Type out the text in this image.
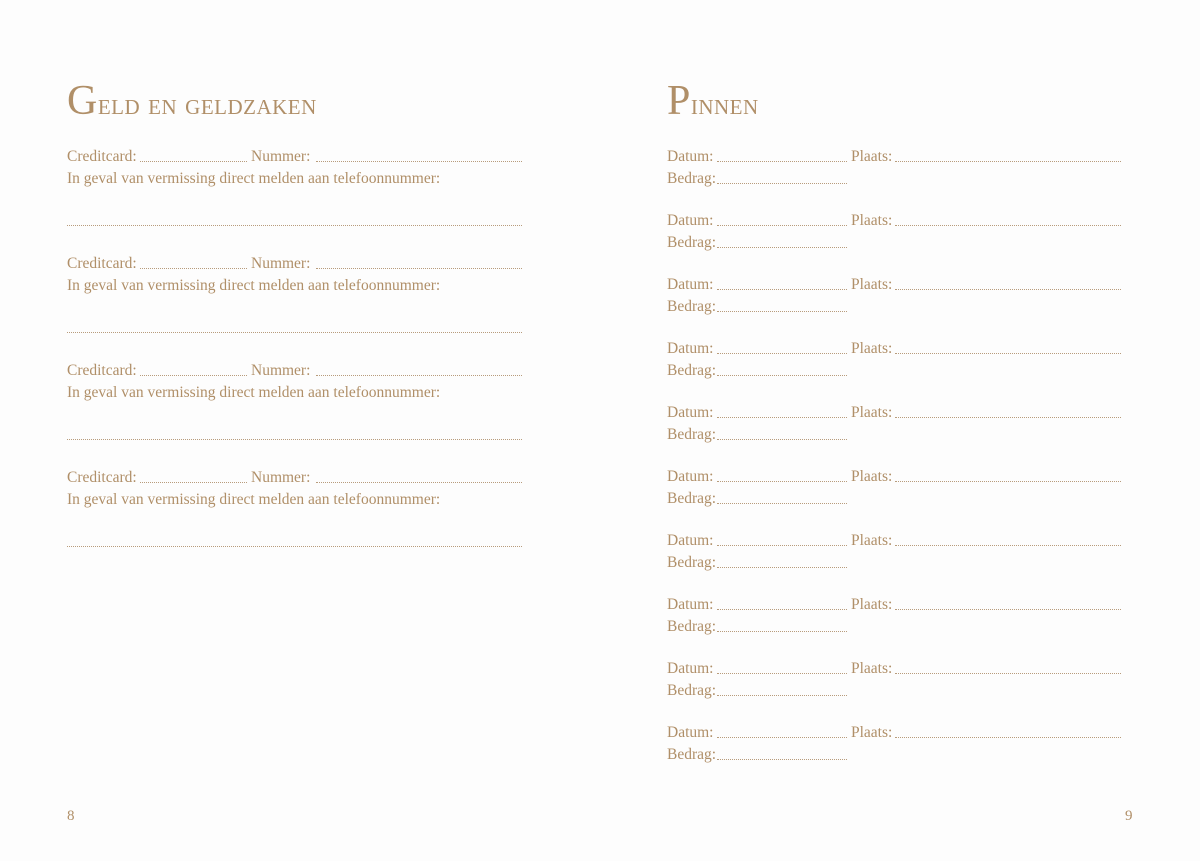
Geld en geldzaken
Creditcard:	Nummer:
In geval van vermissing direct melden aan telefoonnummer:
Creditcard:	Nummer:
In geval van vermissing direct melden aan telefoonnummer:
Creditcard:	Nummer:
In geval van vermissing direct melden aan telefoonnummer:
Creditcard:	Nummer:
In geval van vermissing direct melden aan telefoonnummer:
8
Pinnen
Datum:	Plaats:
Bedrag:
Datum:	Plaats:
Bedrag:
Datum:	Plaats:
Bedrag:
Datum:	Plaats:
Bedrag:
Datum:	Plaats:
Bedrag:
Datum:	Plaats:
Bedrag:
Datum:	Plaats:
Bedrag:
Datum:	Plaats:
Bedrag:
Datum:	Plaats:
Bedrag:
Datum:	Plaats:
Bedrag:
9
